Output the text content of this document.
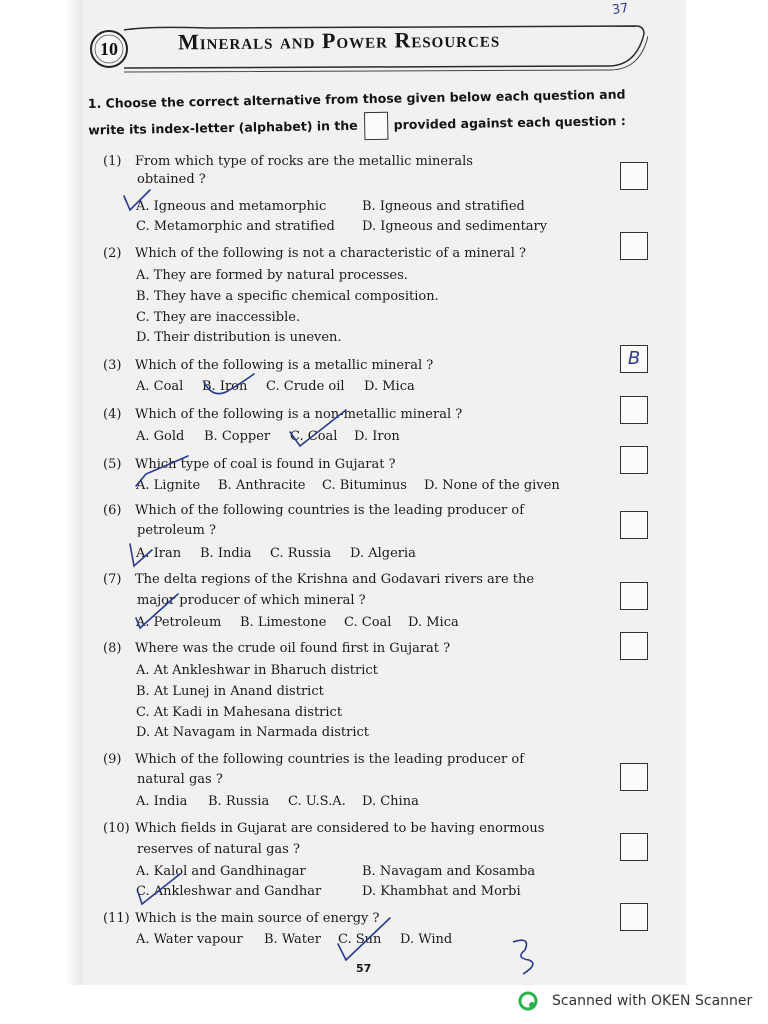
10	Minerals and Power Resources
37
1. Choose the correct alternative from those given below each question and
write its index-letter (alphabet) in the	provided against each question :
(1) From which type of rocks are the metallic minerals
obtained ?
A. Igneous and metamorphic	B. Igneous and stratified
C. Metamorphic and stratified D. Igneous and sedimentary
(2) Which of the following is not a characteristic of a mineral ?
A. They are formed by natural processes.
B. They have a specific chemical composition.
C. They are inaccessible.
D. Their distribution is uneven.
(3) Which of the following is a metallic mineral ?
A. Coal B. Iron C. Crude oil D. Mica
B
(4) Which of the following is a non-metallic mineral ?
A. Gold B. Copper C. Coal D. Iron
(5) Which type of coal is found in Gujarat ?
A. Lignite B. Anthracite C. Bituminus D. None of the given
(6) Which of the following countries is the leading producer of
petroleum ?
A. Iran B. India C. Russia D. Algeria
(7) The delta regions of the Krishna and Godavari rivers are the
major producer of which mineral ?
A. Petroleum B. Limestone C. Coal D. Mica
(8) Where was the crude oil found first in Gujarat ?
A. At Ankleshwar in Bharuch district
B. At Lunej in Anand district
C. At Kadi in Mahesana district
D. At Navagam in Narmada district
(9) Which of the following countries is the leading producer of
natural gas ?
A. India B. Russia C. U.S.A. D. China
(10) Which fields in Gujarat are considered to be having enormous
reserves of natural gas ?
A. Kalol and Gandhinagar	B. Navagam and Kosamba
C. Ankleshwar and Gandhar	D. Khambhat and Morbi
(11) Which is the main source of energy ?
A. Water vapour B. Water C. Sun D. Wind
57
Scanned with OKEN Scanner
